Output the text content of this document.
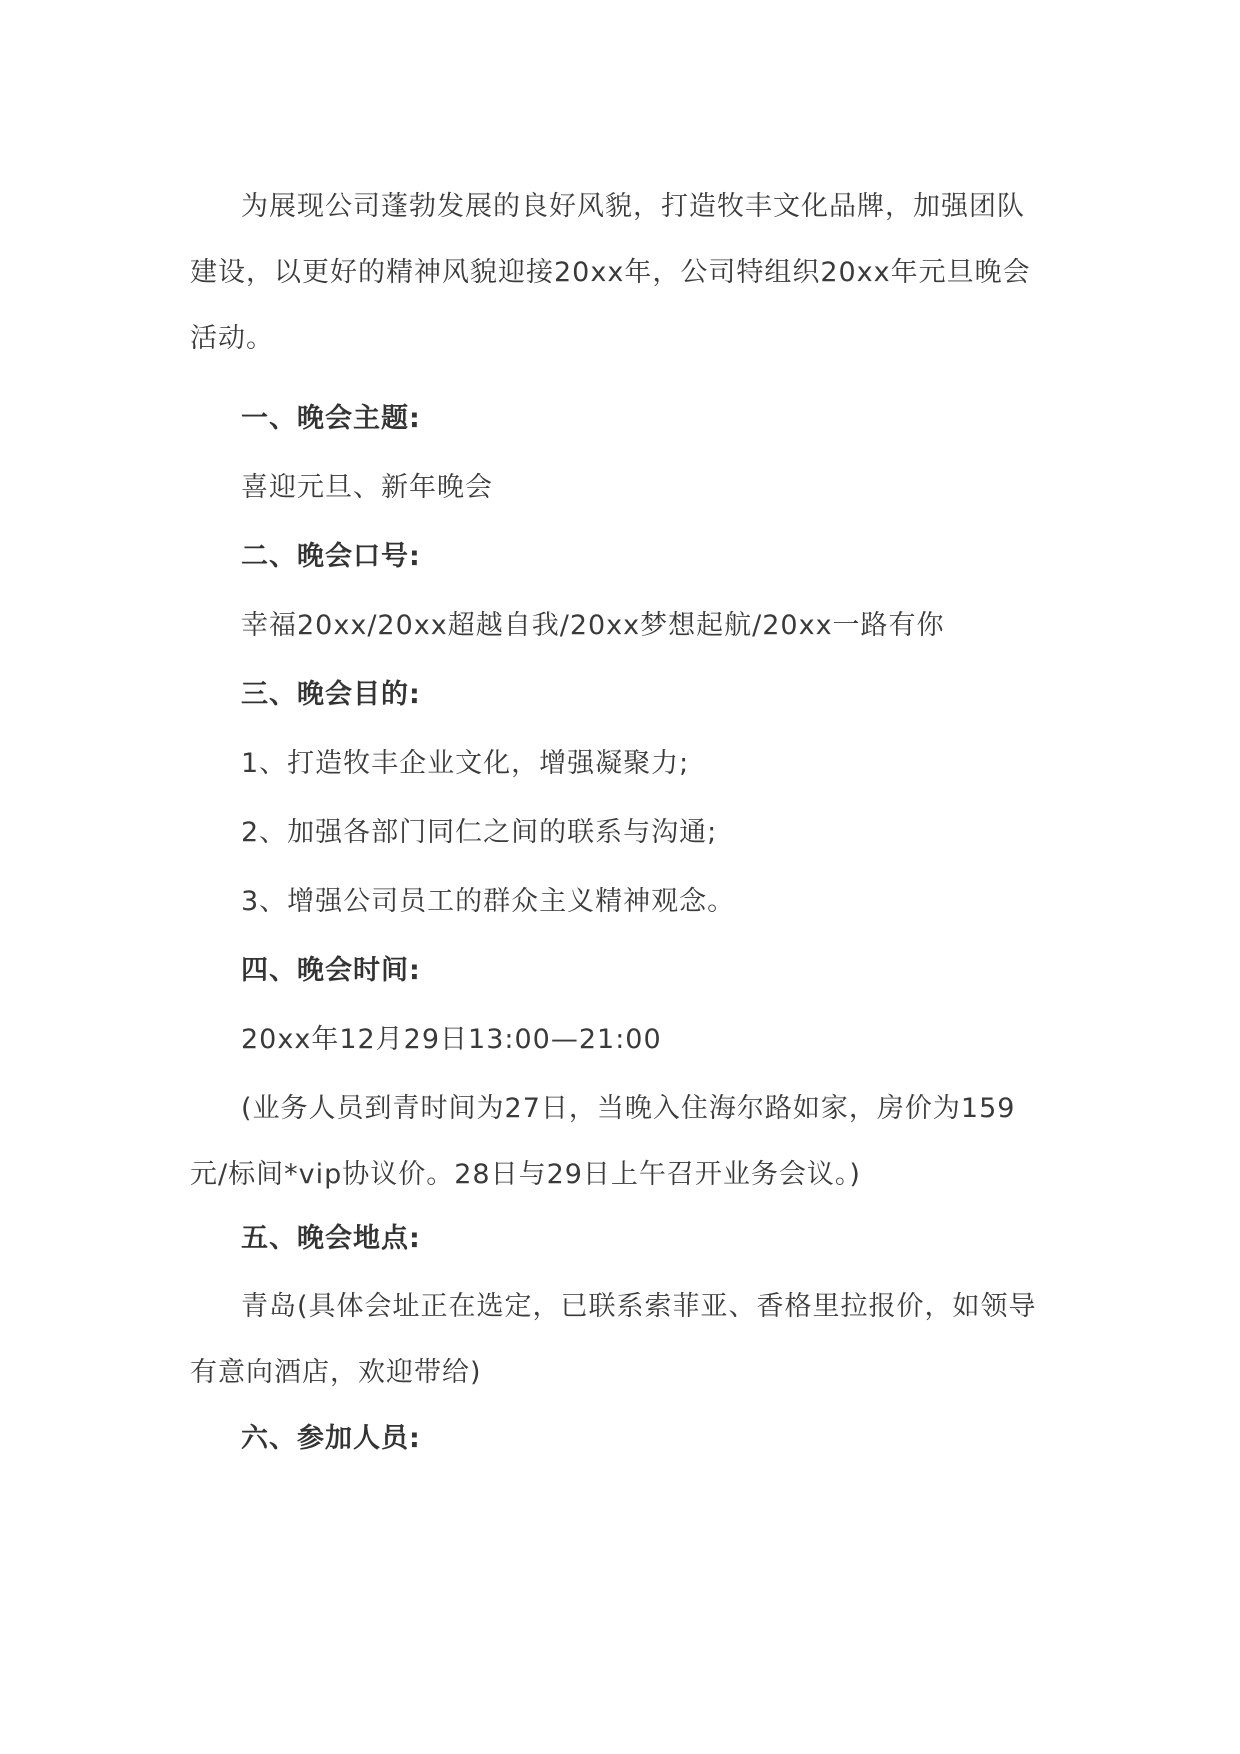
为展现公司蓬勃发展的良好风貌，打造牧丰文化品牌，加强团队建设，以更好的精神风貌迎接20xx年，公司特组织20xx年元旦晚会活动。
一、晚会主题:
喜迎元旦、新年晚会
二、晚会口号:
幸福20xx/20xx超越自我/20xx梦想起航/20xx一路有你
三、晚会目的:
1、打造牧丰企业文化，增强凝聚力;
2、加强各部门同仁之间的联系与沟通;
3、增强公司员工的群众主义精神观念。
四、晚会时间:
20xx年12月29日13:00—21:00
(业务人员到青时间为27日，当晚入住海尔路如家，房价为159元/标间*vip协议价。28日与29日上午召开业务会议。)
五、晚会地点:
青岛(具体会址正在选定，已联系索菲亚、香格里拉报价，如领导有意向酒店，欢迎带给)
六、参加人员:
